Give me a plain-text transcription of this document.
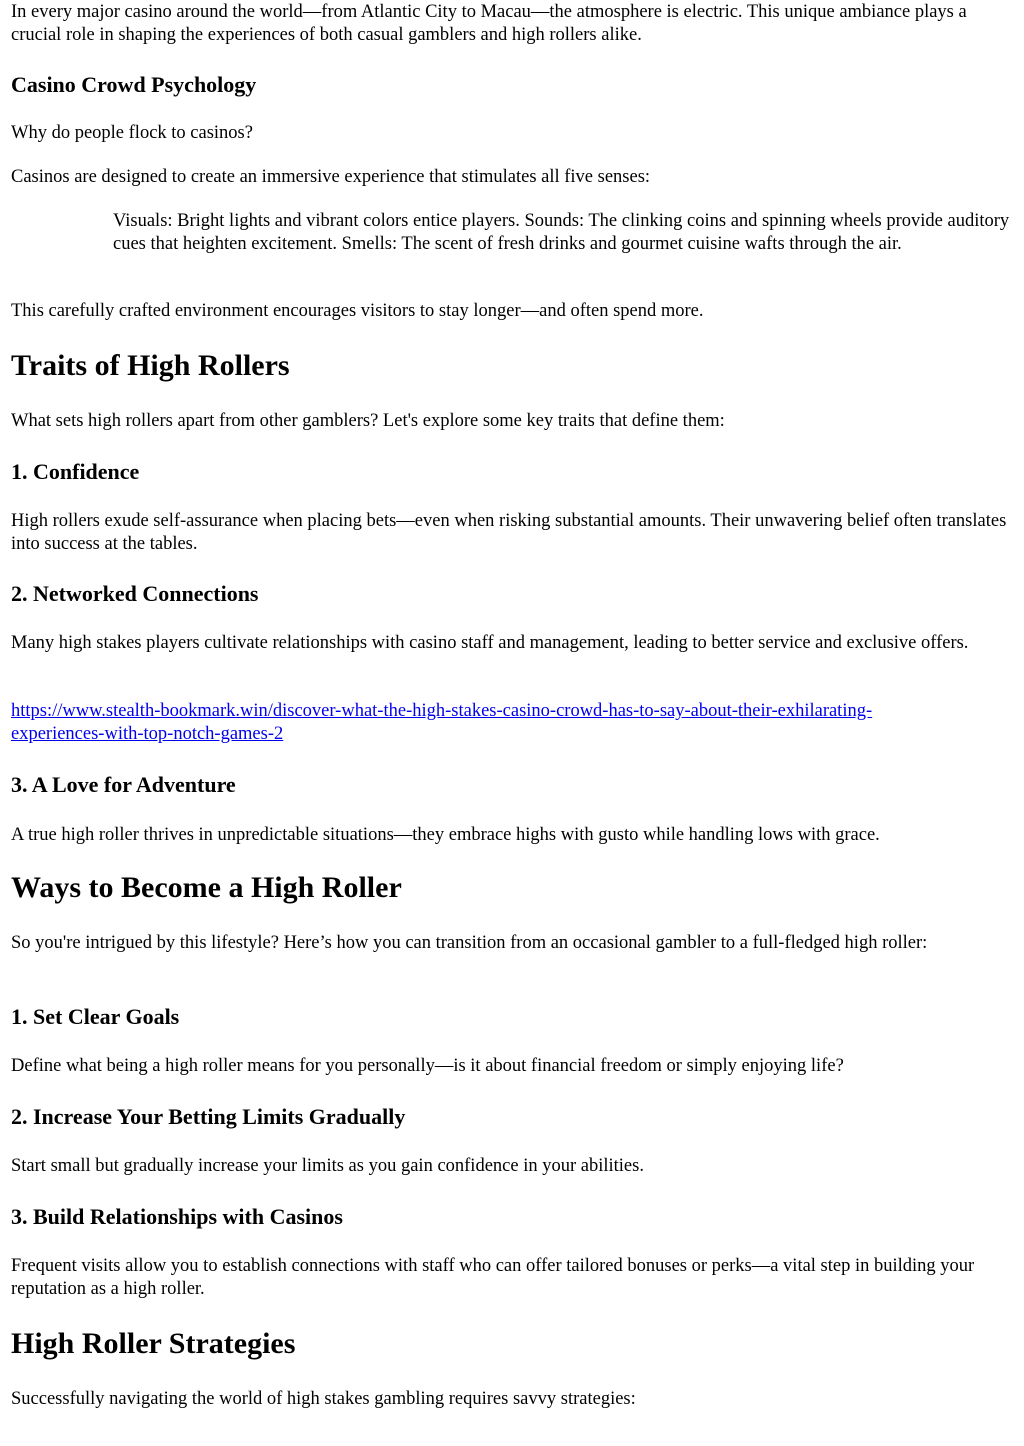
In every major casino around the world—from Atlantic City to Macau—the atmosphere is electric. This unique ambiance plays a crucial role in shaping the experiences of both casual gamblers and high rollers alike.

Casino Crowd Psychology

Why do people flock to casinos?

Casinos are designed to create an immersive experience that stimulates all five senses:

Visuals: Bright lights and vibrant colors entice players. Sounds: The clinking coins and spinning wheels provide auditory cues that heighten excitement. Smells: The scent of fresh drinks and gourmet cuisine wafts through the air.

This carefully crafted environment encourages visitors to stay longer—and often spend more.

Traits of High Rollers

What sets high rollers apart from other gamblers? Let's explore some key traits that define them:

1. Confidence

High rollers exude self-assurance when placing bets—even when risking substantial amounts. Their unwavering belief often translates into success at the tables.

2. Networked Connections

Many high stakes players cultivate relationships with casino staff and management, leading to better service and exclusive offers.

https://www.stealth-bookmark.win/discover-what-the-high-stakes-casino-crowd-has-to-say-about-their-exhilarating-
experiences-with-top-notch-games-2

3. A Love for Adventure

A true high roller thrives in unpredictable situations—they embrace highs with gusto while handling lows with grace.

Ways to Become a High Roller

So you're intrigued by this lifestyle? Here’s how you can transition from an occasional gambler to a full-fledged high roller:

1. Set Clear Goals

Define what being a high roller means for you personally—is it about financial freedom or simply enjoying life?

2. Increase Your Betting Limits Gradually

Start small but gradually increase your limits as you gain confidence in your abilities.

3. Build Relationships with Casinos

Frequent visits allow you to establish connections with staff who can offer tailored bonuses or perks—a vital step in building your reputation as a high roller.

High Roller Strategies

Successfully navigating the world of high stakes gambling requires savvy strategies:
